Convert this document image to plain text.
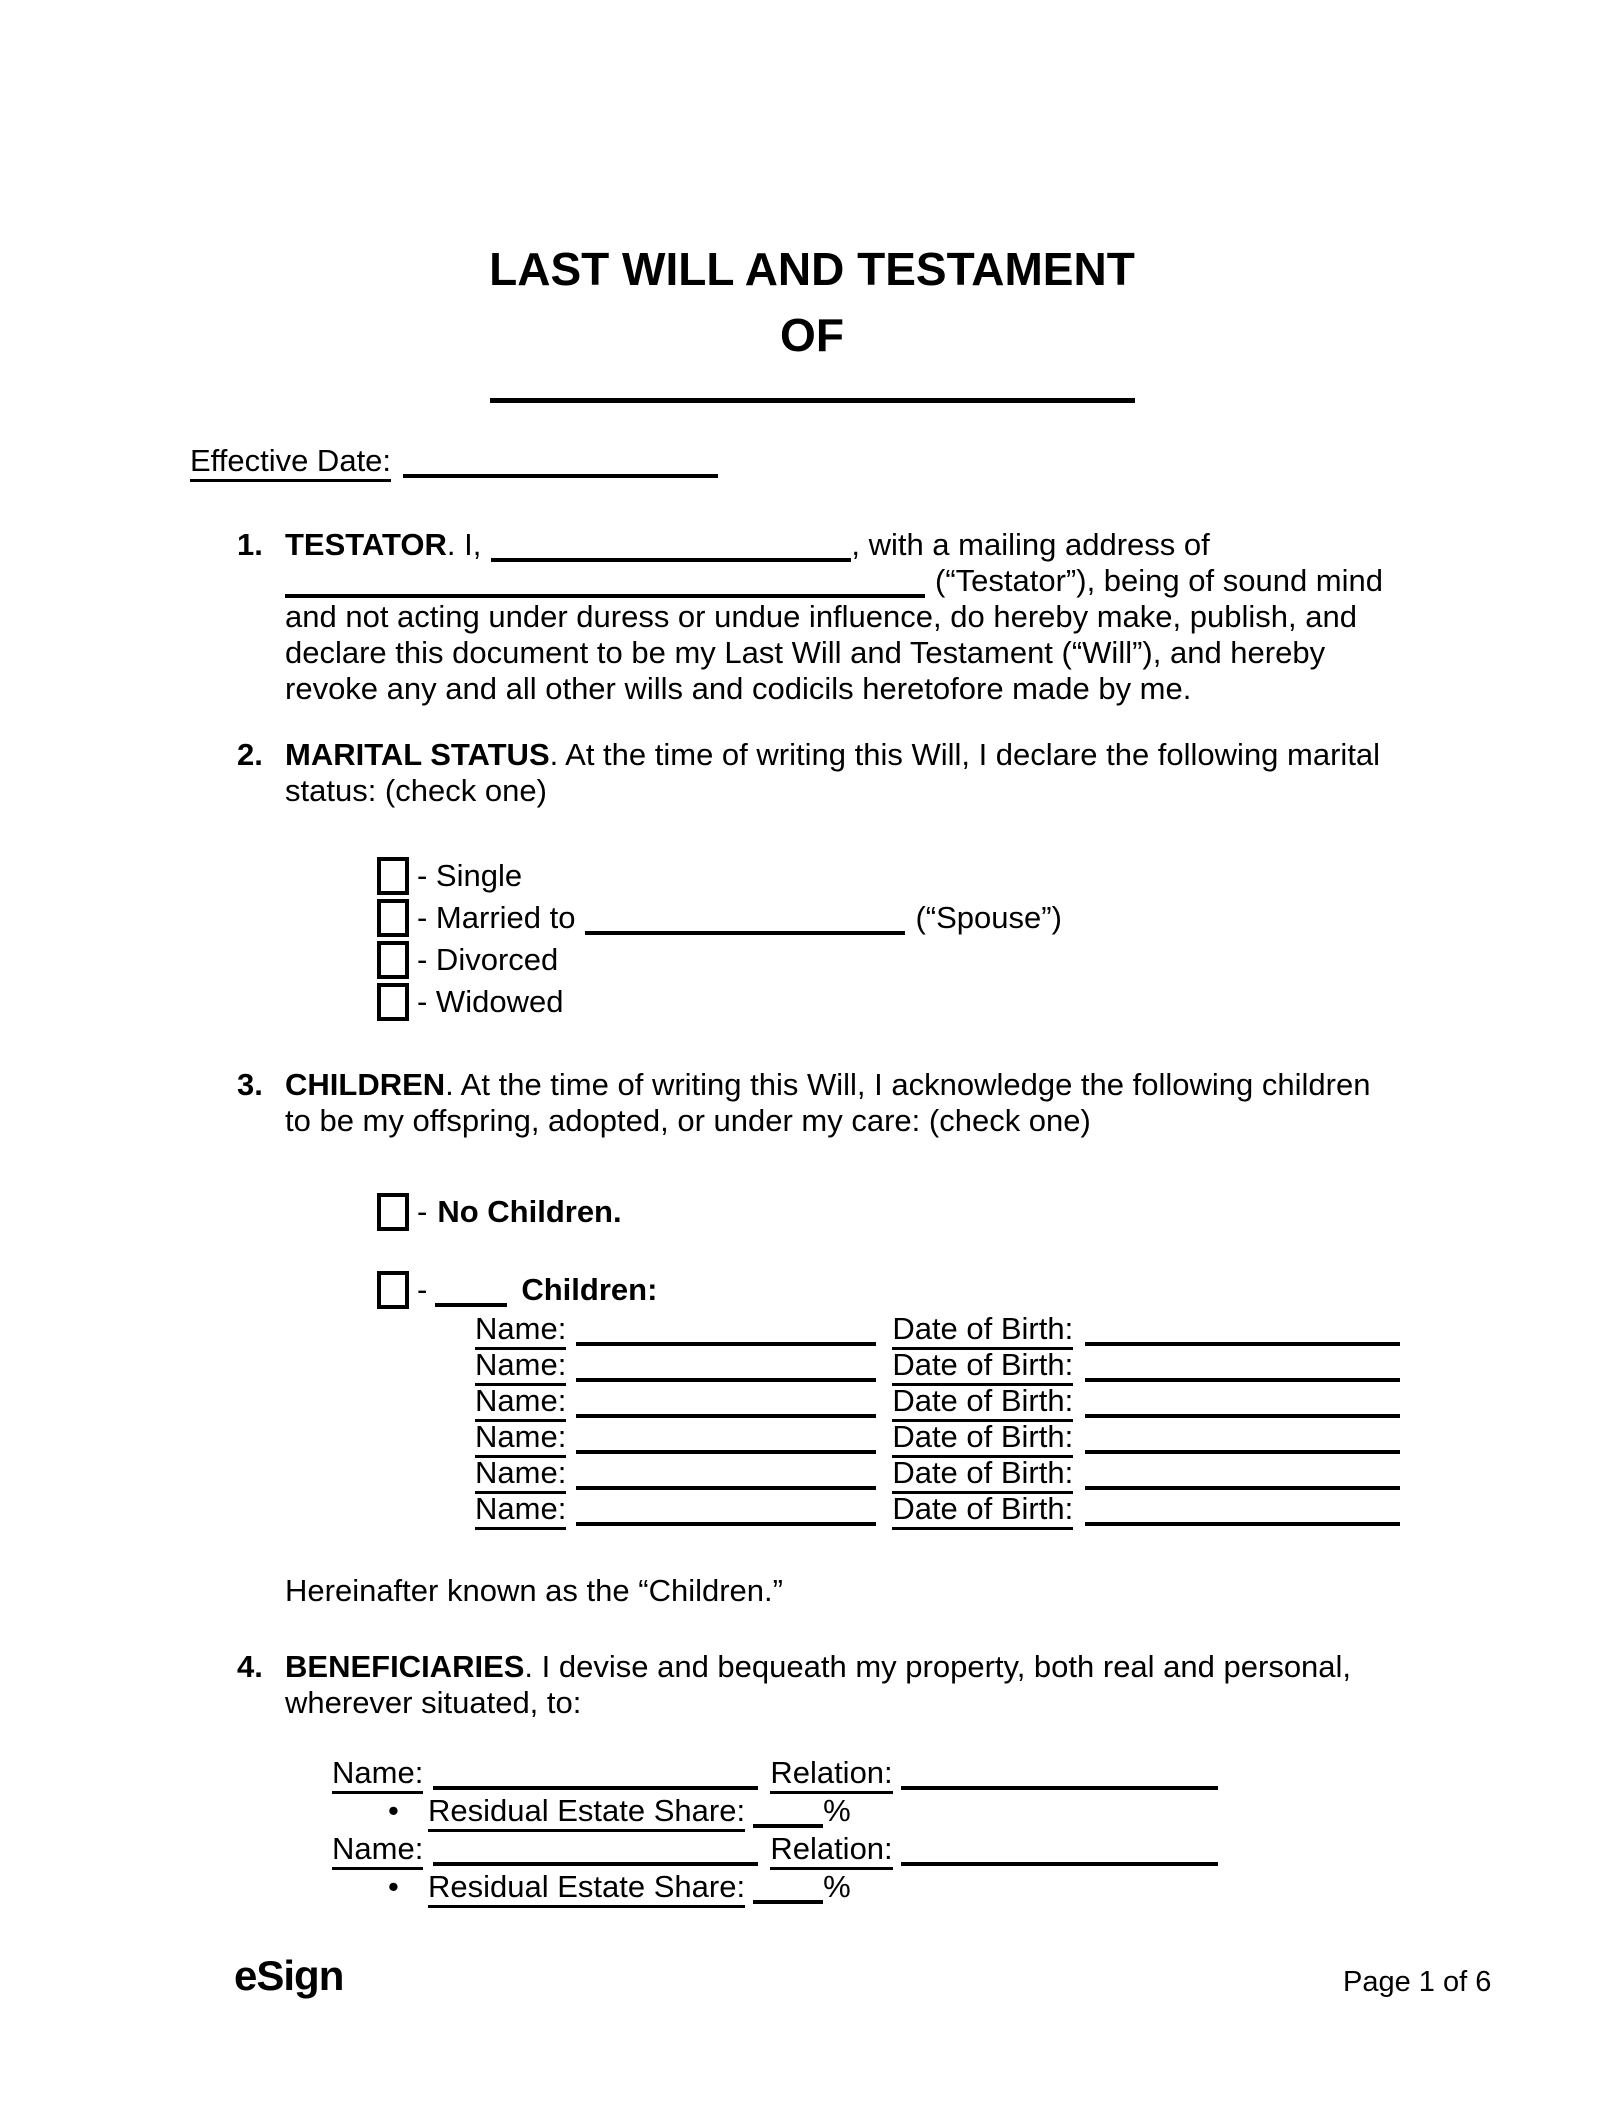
LAST WILL AND TESTAMENT
OF
Effective Date:
1. TESTATOR. I,	, with a mailing address of
(“Testator”), being of sound mind
and not acting under duress or undue influence, do hereby make, publish, and
declare this document to be my Last Will and Testament (“Will”), and hereby
revoke any and all other wills and codicils heretofore made by me.
2. MARITAL STATUS. At the time of writing this Will, I declare the following marital
status: (check one)
- Single
- Married to	(“Spouse”)
- Divorced
- Widowed
3. CHILDREN. At the time of writing this Will, I acknowledge the following children
to be my offspring, adopted, or under my care: (check one)
- No Children.
-	Children:
Name:	Date of Birth:
Name:	Date of Birth:
Name:	Date of Birth:
Name:	Date of Birth:
Name:	Date of Birth:
Name:	Date of Birth:
Hereinafter known as the “Children.”
4. BENEFICIARIES. I devise and bequeath my property, both real and personal,
wherever situated, to:
Name:	Relation:
• Residual Estate Share:	%
Name:	Relation:
• Residual Estate Share:	%
eSign	Page 1 of 6
